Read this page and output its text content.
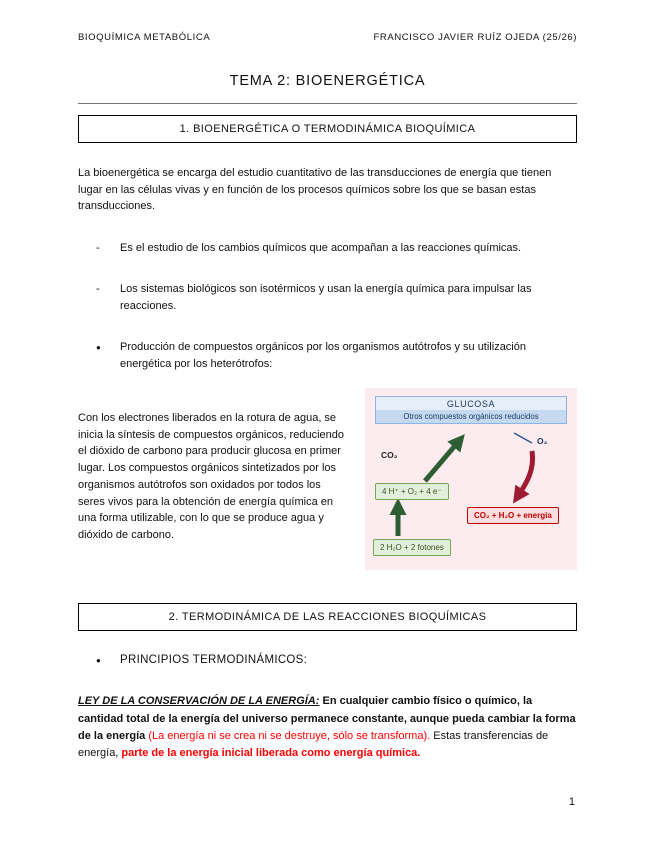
BIOQUÍMICA METABÓLICA	FRANCISCO JAVIER RUÍZ OJEDA (25/26)
TEMA 2: BIOENERGÉTICA
1. BIOENERGÉTICA O TERMODINÁMICA BIOQUÍMICA

La bioenergética se encarga del estudio cuantitativo de las transducciones de energía que tienen lugar en las células vivas y en función de los procesos químicos sobre los que se basan estas transducciones.

-	Es el estudio de los cambios químicos que acompañan a las reacciones químicas.
-	Los sistemas biológicos son isotérmicos y usan la energía química para impulsar las reacciones.
●	Producción de compuestos orgánicos por los organismos autótrofos y su utilización energética por los heterótrofos:

Con los electrones liberados en la rotura de agua, se inicia la síntesis de compuestos orgánicos, reduciendo el dióxido de carbono para producir glucosa en primer lugar. Los compuestos orgánicos sintetizados por los organismos autótrofos son oxidados por todos los seres vivos para la obtención de energía química en una forma utilizable, con lo que se produce agua y dióxido de carbono.

GLUCOSA
Otros compuestos orgánicos reducidos
CO₂
O₂
4 H⁺ + O₂ + 4 e⁻
CO₂ + H₂O + energía
2 H₂O + 2 fotones
2. TERMODINÁMICA DE LAS REACCIONES BIOQUÍMICAS
●	PRINCIPIOS TERMODINÁMICOS:

LEY DE LA CONSERVACIÓN DE LA ENERGÍA: En cualquier cambio físico o químico, la cantidad total de la energía del universo permanece constante, aunque pueda cambiar la forma de la energía (La energía ni se crea ni se destruye, sólo se transforma). Estas transferencias de energía, parte de la energía inicial liberada como energía química.

1
